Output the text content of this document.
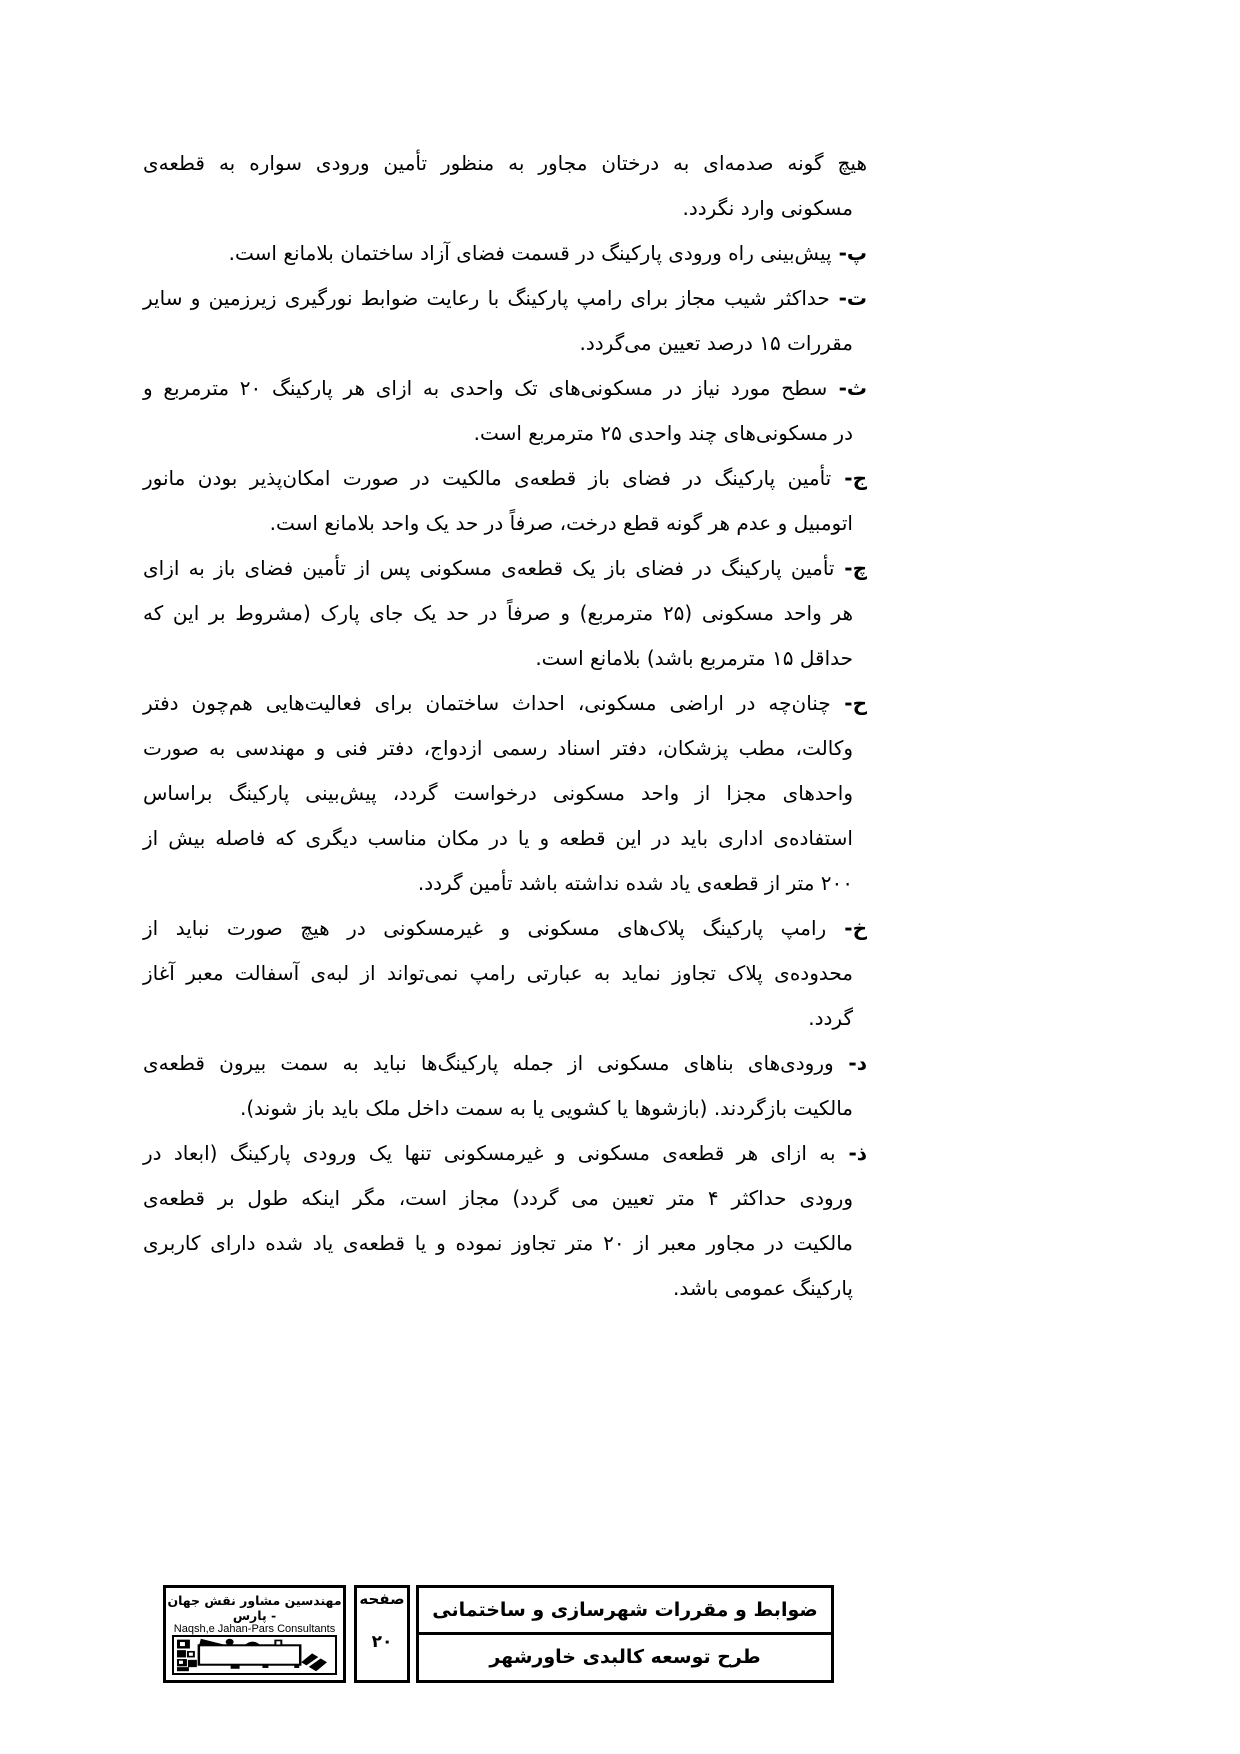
هیچ گونه صدمه‌ای به درختان مجاور به منظور تأمین ورودی سواره به قطعه‌ی
مسکونی وارد نگردد.
پ- پیش‌بینی راه ورودی پارکینگ در قسمت فضای آزاد ساختمان بلامانع است.
ت- حداکثر شیب مجاز برای رامپ پارکینگ با رعایت ضوابط نورگیری زیرزمین و سایر
مقررات ۱۵ درصد تعیین می‌گردد.
ث- سطح مورد نیاز در مسکونی‌های تک واحدی به ازای هر پارکینگ ۲۰ مترمربع و
در مسکونی‌های چند واحدی ۲۵ مترمربع است.
ج- تأمین پارکینگ در فضای باز قطعه‌ی مالکیت در صورت امکان‌پذیر بودن مانور
اتومبیل و عدم هر گونه قطع درخت، صرفاً در حد یک واحد بلامانع است.
چ- تأمین پارکینگ در فضای باز یک قطعه‌ی مسکونی پس از تأمین فضای باز به ازای
هر واحد مسکونی (۲۵ مترمربع) و صرفاً در حد یک جای پارک (مشروط بر این که
حداقل ۱۵ مترمربع باشد) بلامانع است.
ح- چنان‌چه در اراضی مسکونی، احداث ساختمان برای فعالیت‌هایی هم‌چون دفتر
وکالت، مطب پزشکان، دفتر اسناد رسمی ازدواج، دفتر فنی و مهندسی به صورت
واحدهای مجزا از واحد مسکونی درخواست گردد، پیش‌بینی پارکینگ براساس
استفاده‌ی اداری باید در این قطعه و یا در مکان مناسب دیگری که فاصله بیش از
۲۰۰ متر از قطعه‌ی یاد شده نداشته باشد تأمین گردد.
خ- رامپ پارکینگ پلاک‌های مسکونی و غیرمسکونی در هیچ صورت نباید از
محدوده‌ی پلاک تجاوز نماید به عبارتی رامپ نمی‌تواند از لبه‌ی آسفالت معبر آغاز
گردد.
د- ورودی‌های بناهای مسکونی از جمله پارکینگ‌ها نباید به سمت بیرون قطعه‌ی
مالکیت بازگردند. (بازشوها یا کشویی یا به سمت داخل ملک باید باز شوند).
ذ- به ازای هر قطعه‌ی مسکونی و غیرمسکونی تنها یک ورودی پارکینگ (ابعاد در
ورودی حداکثر ۴ متر تعیین می گردد) مجاز است، مگر اینکه طول بر قطعه‌ی
مالکیت در مجاور معبر از ۲۰ متر تجاوز نموده و یا قطعه‌ی یاد شده دارای کاربری
پارکینگ عمومی باشد.
مهندسین مشاور نقش جهان - پارس
Naqsh,e Jahan-Pars Consultants
صفحه
۲۰
ضوابط و مقررات شهرسازی و ساختمانی
طرح توسعه کالبدی خاورشهر
